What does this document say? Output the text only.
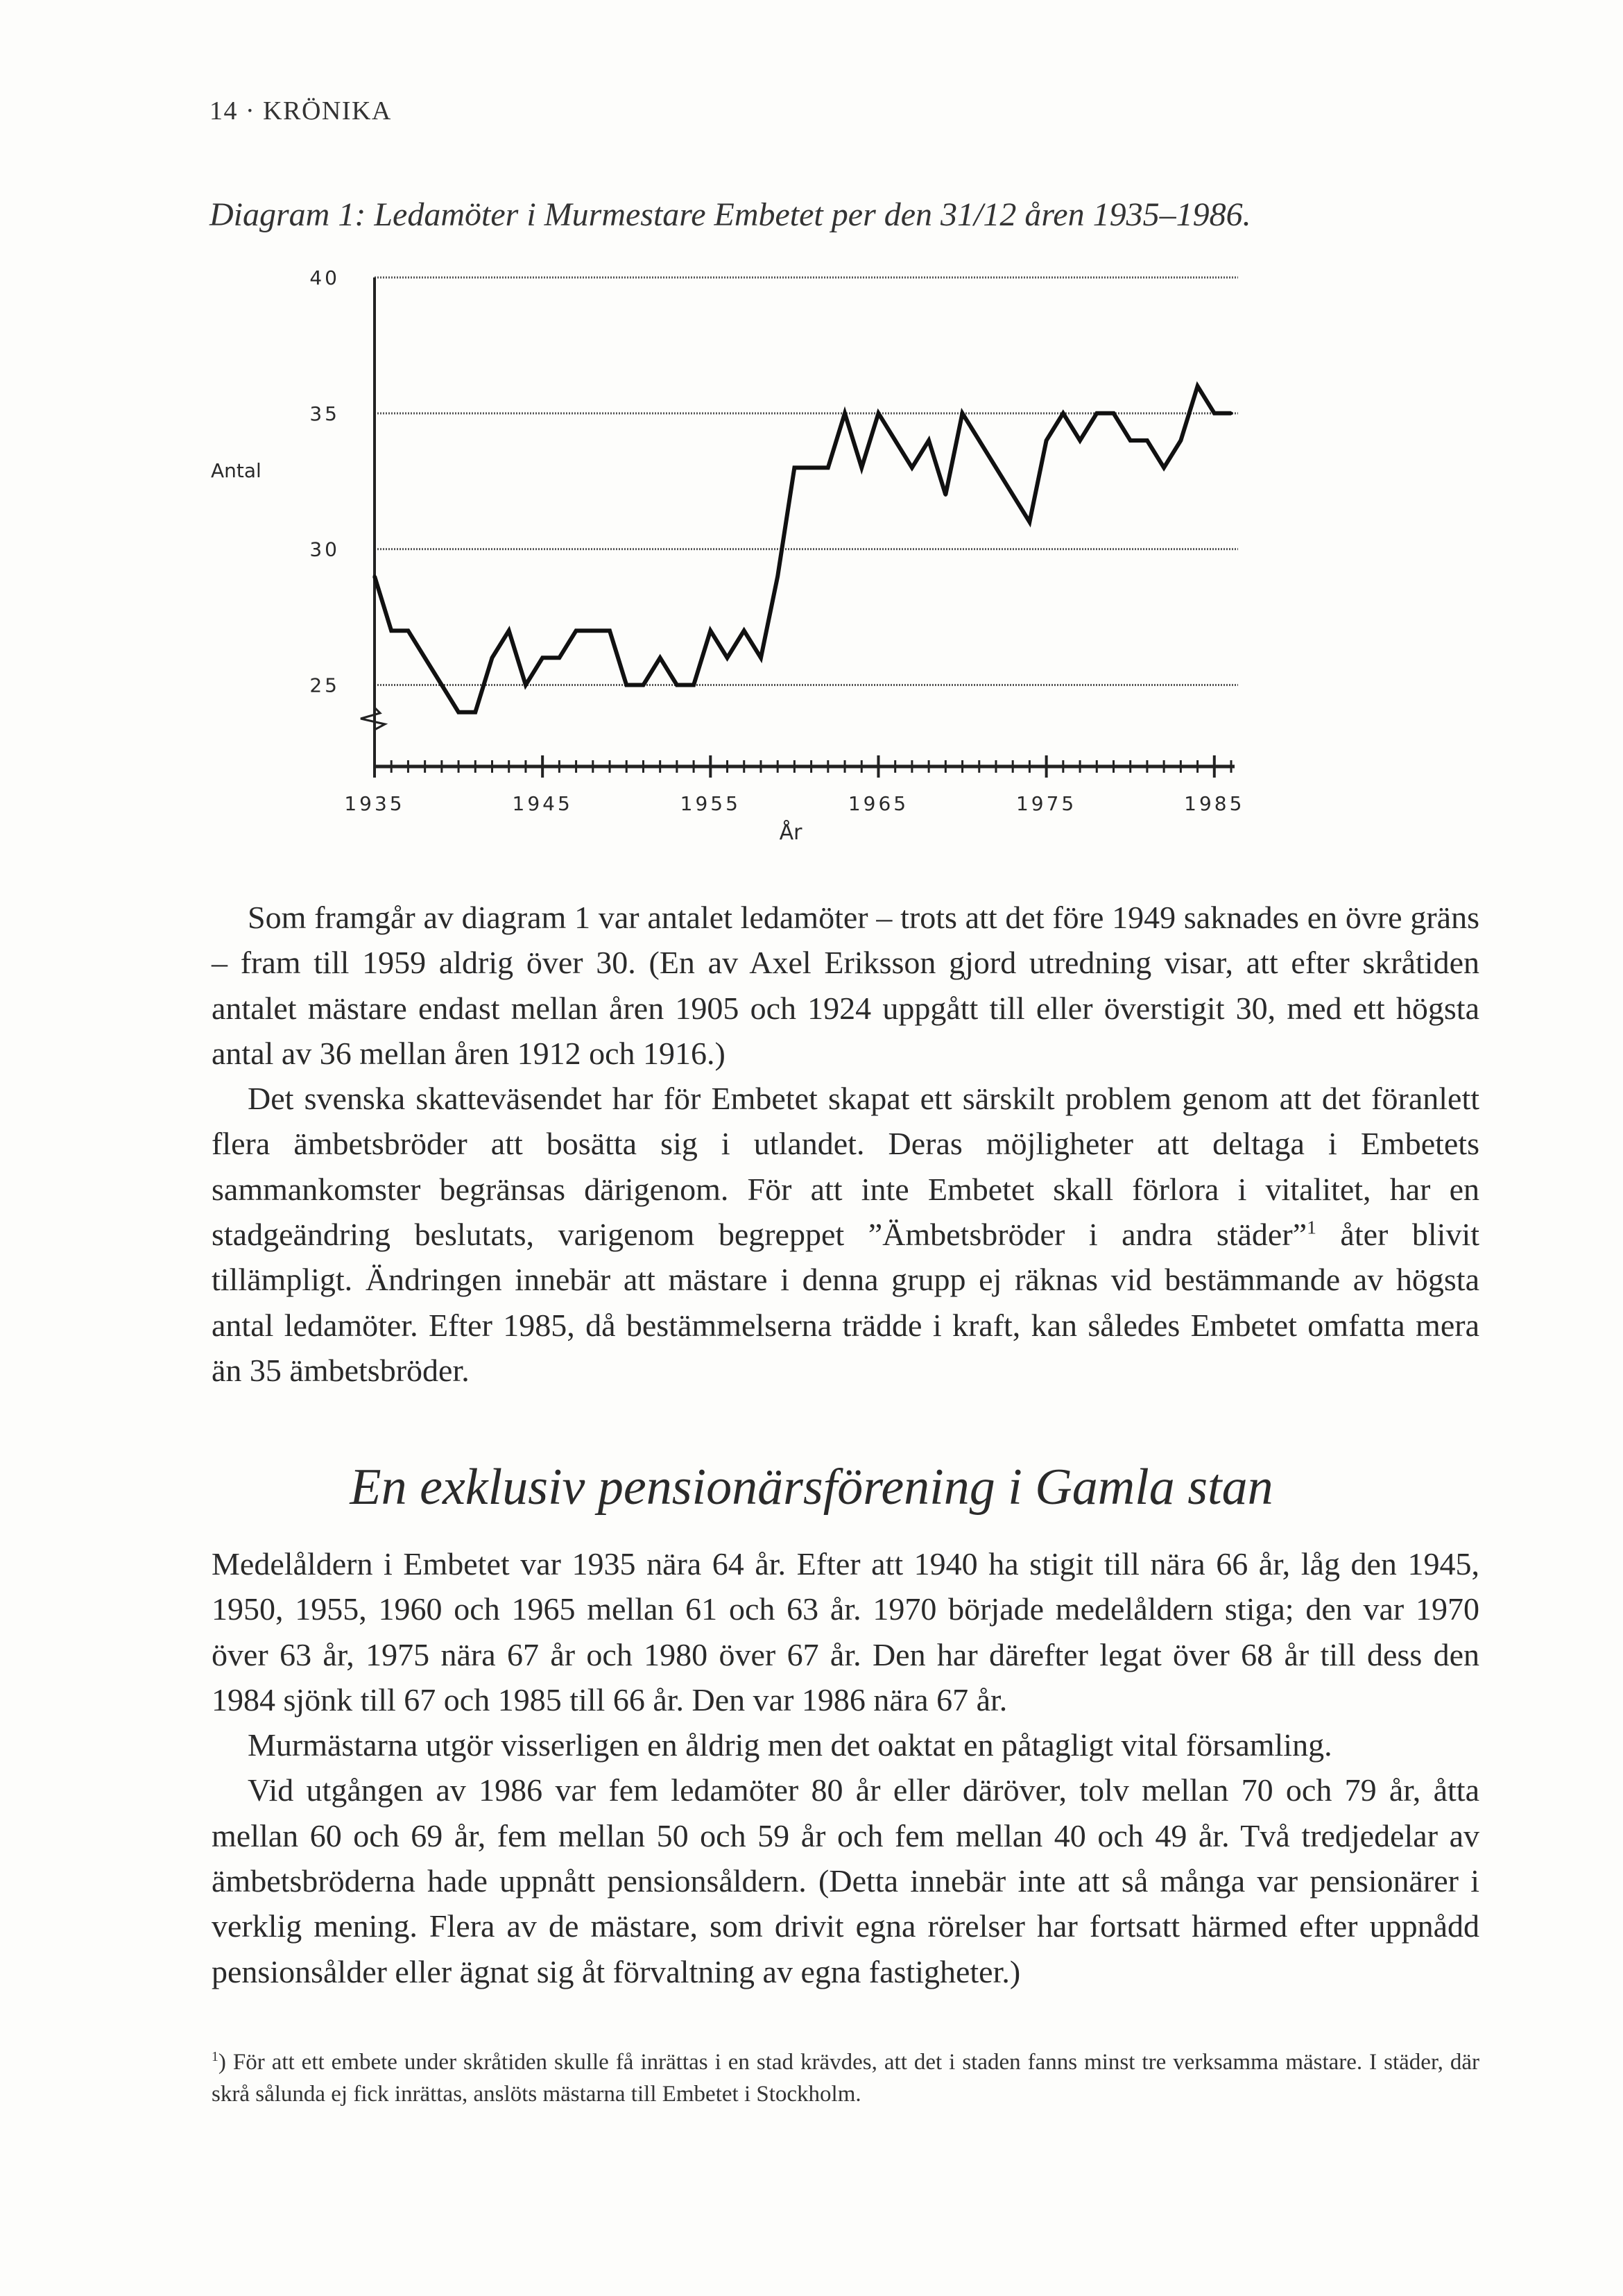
14 · KRÖNIKA
Diagram 1: Ledamöter i Murmestare Embetet per den 31/12 åren 1935–1986.
40
35
30
25
1935	1945	1955	1965	1975	1985
Antal
År

Som framgår av diagram 1 var antalet ledamöter – trots att det före 1949 saknades en övre gräns – fram till 1959 aldrig över 30. (En av Axel Eriksson gjord utredning visar, att efter skråtiden antalet mästare endast mellan åren 1905 och 1924 uppgått till eller överstigit 30, med ett högsta antal av 36 mellan åren 1912 och 1916.)

Det svenska skatteväsendet har för Embetet skapat ett särskilt problem genom att det föranlett flera ämbetsbröder att bosätta sig i utlandet. Deras möjligheter att deltaga i Embetets sammankomster begränsas därigenom. För att inte Embetet skall förlora i vitalitet, har en stadgeändring beslutats, varigenom begreppet ”Ämbetsbröder i andra städer”$^1$ åter blivit tillämpligt. Ändringen innebär att mästare i denna grupp ej räknas vid bestämmande av högsta antal ledamöter. Efter 1985, då bestämmelserna trädde i kraft, kan således Embetet omfatta mera än 35 ämbetsbröder.

En exklusiv pensionärsförening i Gamla stan

Medelåldern i Embetet var 1935 nära 64 år. Efter att 1940 ha stigit till nära 66 år, låg den 1945, 1950, 1955, 1960 och 1965 mellan 61 och 63 år. 1970 började medelåldern stiga; den var 1970 över 63 år, 1975 nära 67 år och 1980 över 67 år. Den har därefter legat över 68 år till dess den 1984 sjönk till 67 och 1985 till 66 år. Den var 1986 nära 67 år.

Murmästarna utgör visserligen en åldrig men det oaktat en påtagligt vital församling.

Vid utgången av 1986 var fem ledamöter 80 år eller däröver, tolv mellan 70 och 79 år, åtta mellan 60 och 69 år, fem mellan 50 och 59 år och fem mellan 40 och 49 år. Två tredjedelar av ämbetsbröderna hade uppnått pensionsåldern. (Detta innebär inte att så många var pensionärer i verklig mening. Flera av de mästare, som drivit egna rörelser har fortsatt härmed efter uppnådd pensionsålder eller ägnat sig åt förvaltning av egna fastigheter.)

$^1$) För att ett embete under skråtiden skulle få inrättas i en stad krävdes, att det i staden fanns minst tre verksamma mästare. I städer, där skrå sålunda ej fick inrättas, anslöts mästarna till Embetet i Stockholm.
